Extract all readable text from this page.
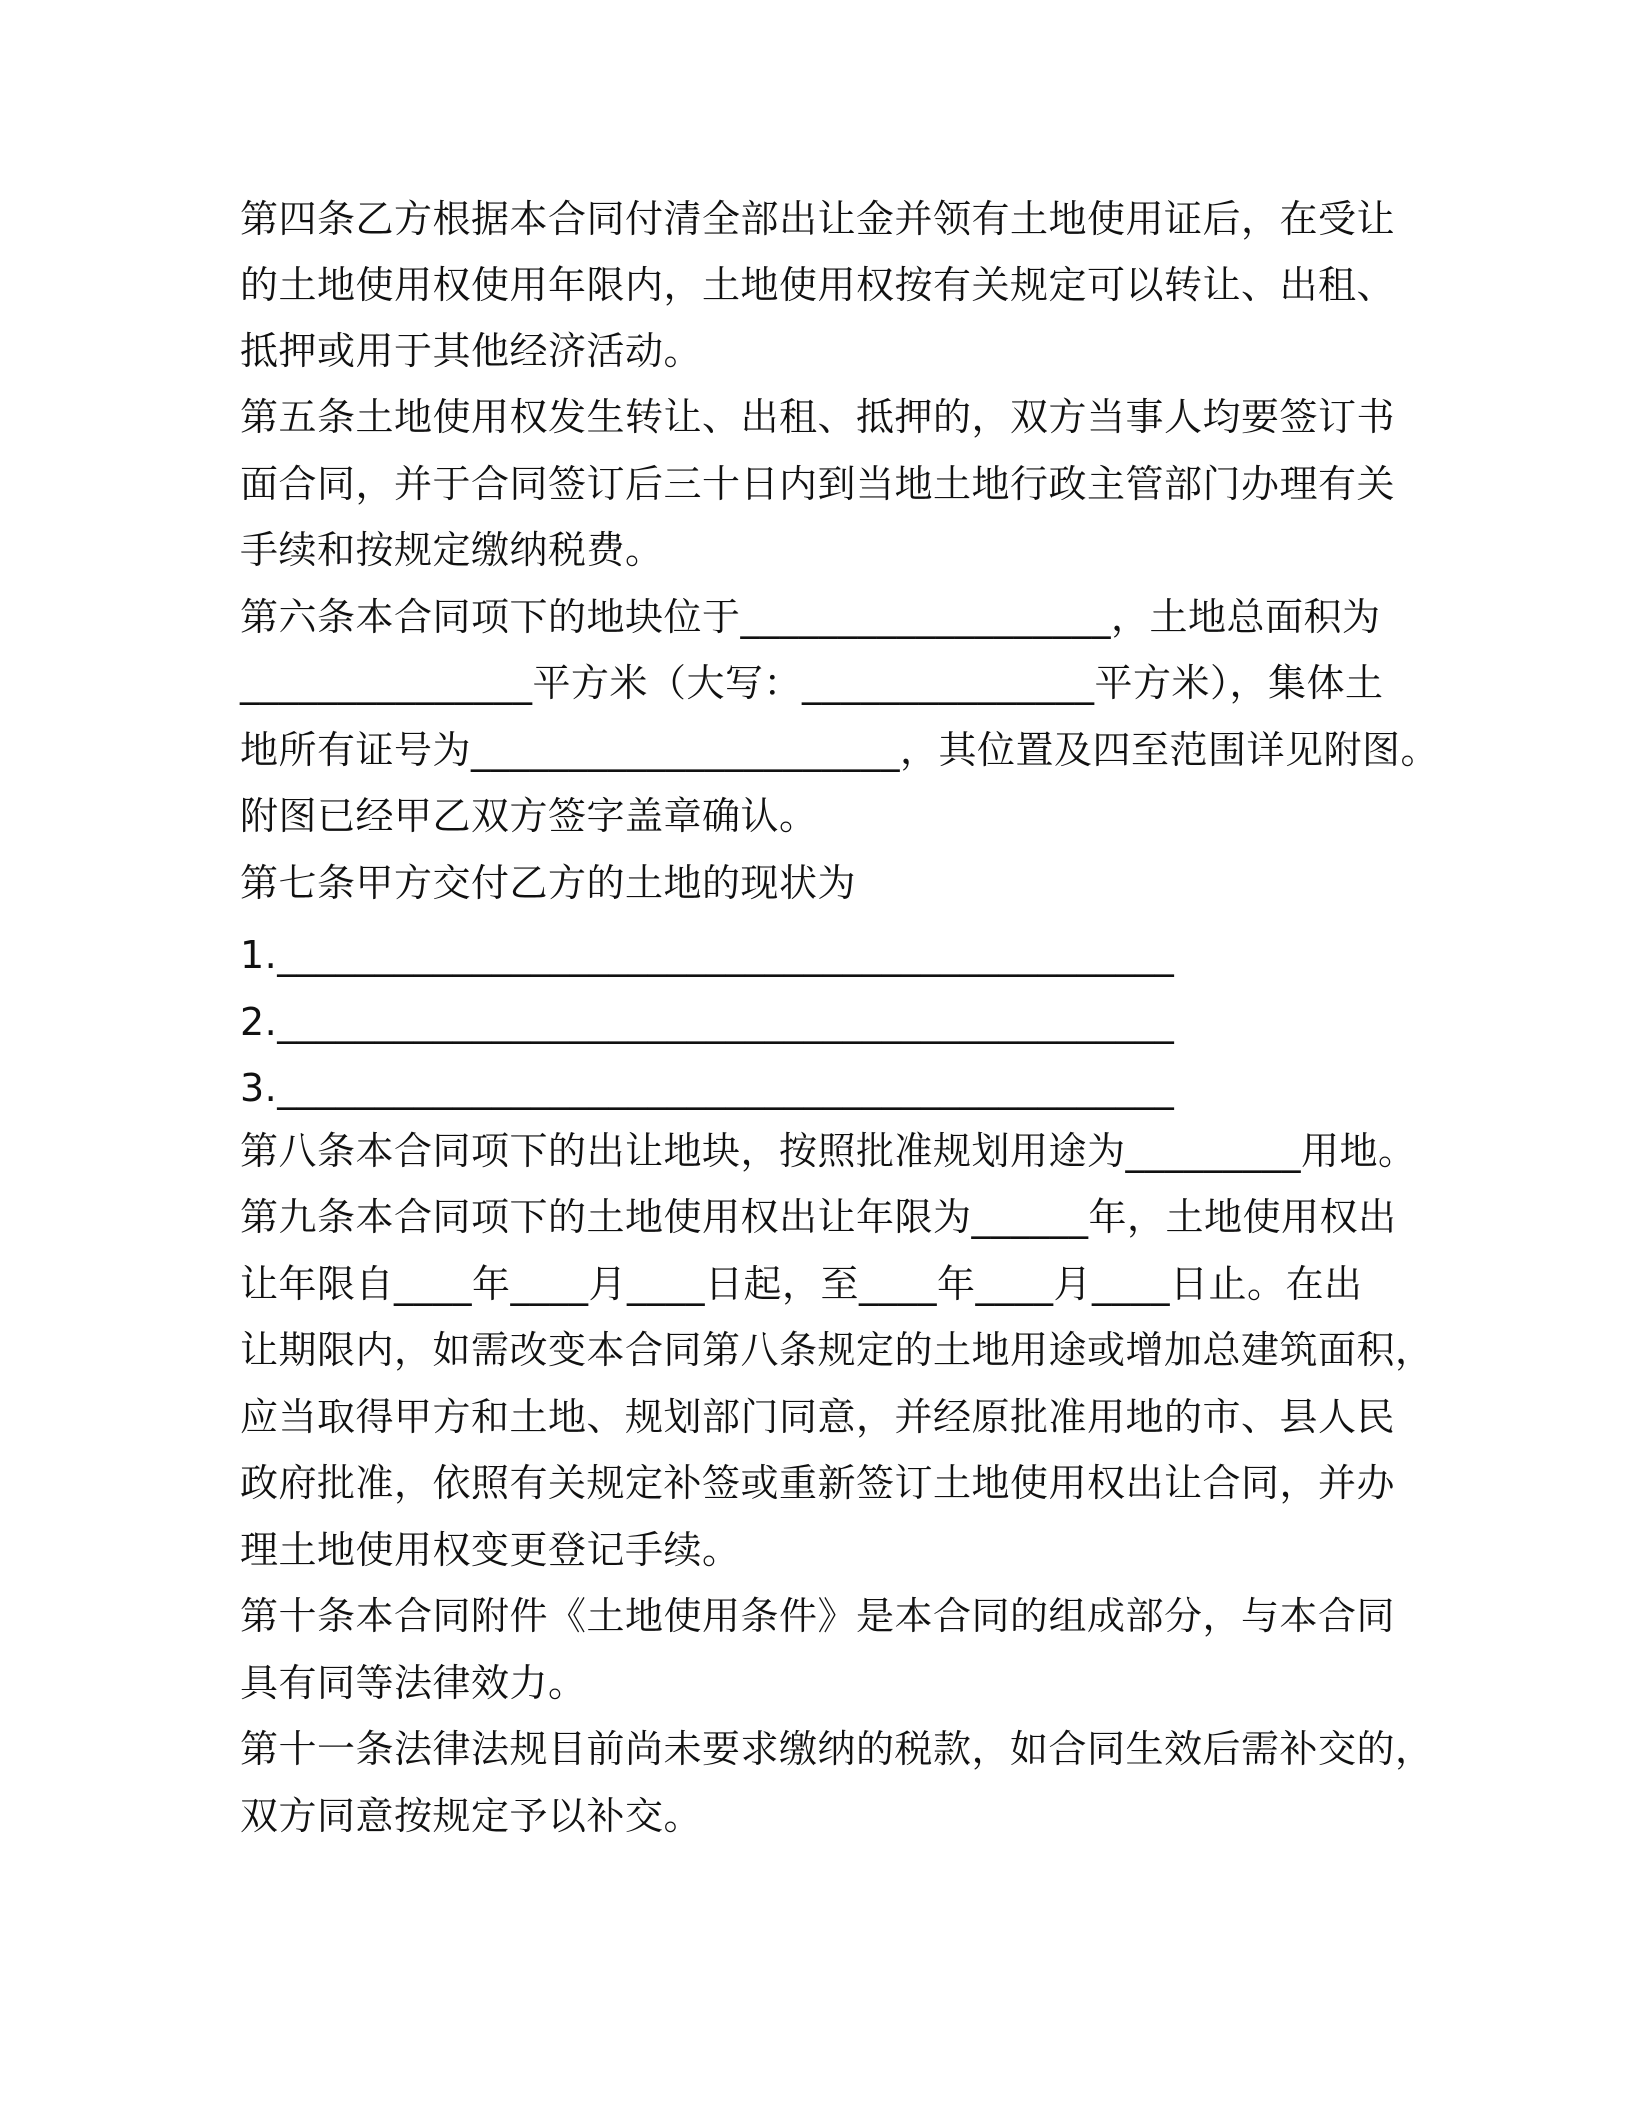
第四条乙方根据本合同付清全部出让金并领有土地使用证后，在受让
的土地使用权使用年限内，土地使用权按有关规定可以转让、出租、
抵押或用于其他经济活动。
第五条土地使用权发生转让、出租、抵押的，双方当事人均要签订书
面合同，并于合同签订后三十日内到当地土地行政主管部门办理有关
手续和按规定缴纳税费。
第六条本合同项下的地块位于___________________，土地总面积为
_______________平方米（大写：_______________平方米），集体土
地所有证号为______________________，其位置及四至范围详见附图。
附图已经甲乙双方签字盖章确认。
第七条甲方交付乙方的土地的现状为
1.______________________________________________
2.______________________________________________
3.______________________________________________
第八条本合同项下的出让地块，按照批准规划用途为_________用地。
第九条本合同项下的土地使用权出让年限为______年，土地使用权出
让年限自____年____月____日起，至____年____月____日止。在出
让期限内，如需改变本合同第八条规定的土地用途或增加总建筑面积，
应当取得甲方和土地、规划部门同意，并经原批准用地的市、县人民
政府批准，依照有关规定补签或重新签订土地使用权出让合同，并办
理土地使用权变更登记手续。
第十条本合同附件《土地使用条件》是本合同的组成部分，与本合同
具有同等法律效力。
第十一条法律法规目前尚未要求缴纳的税款，如合同生效后需补交的，
双方同意按规定予以补交。
